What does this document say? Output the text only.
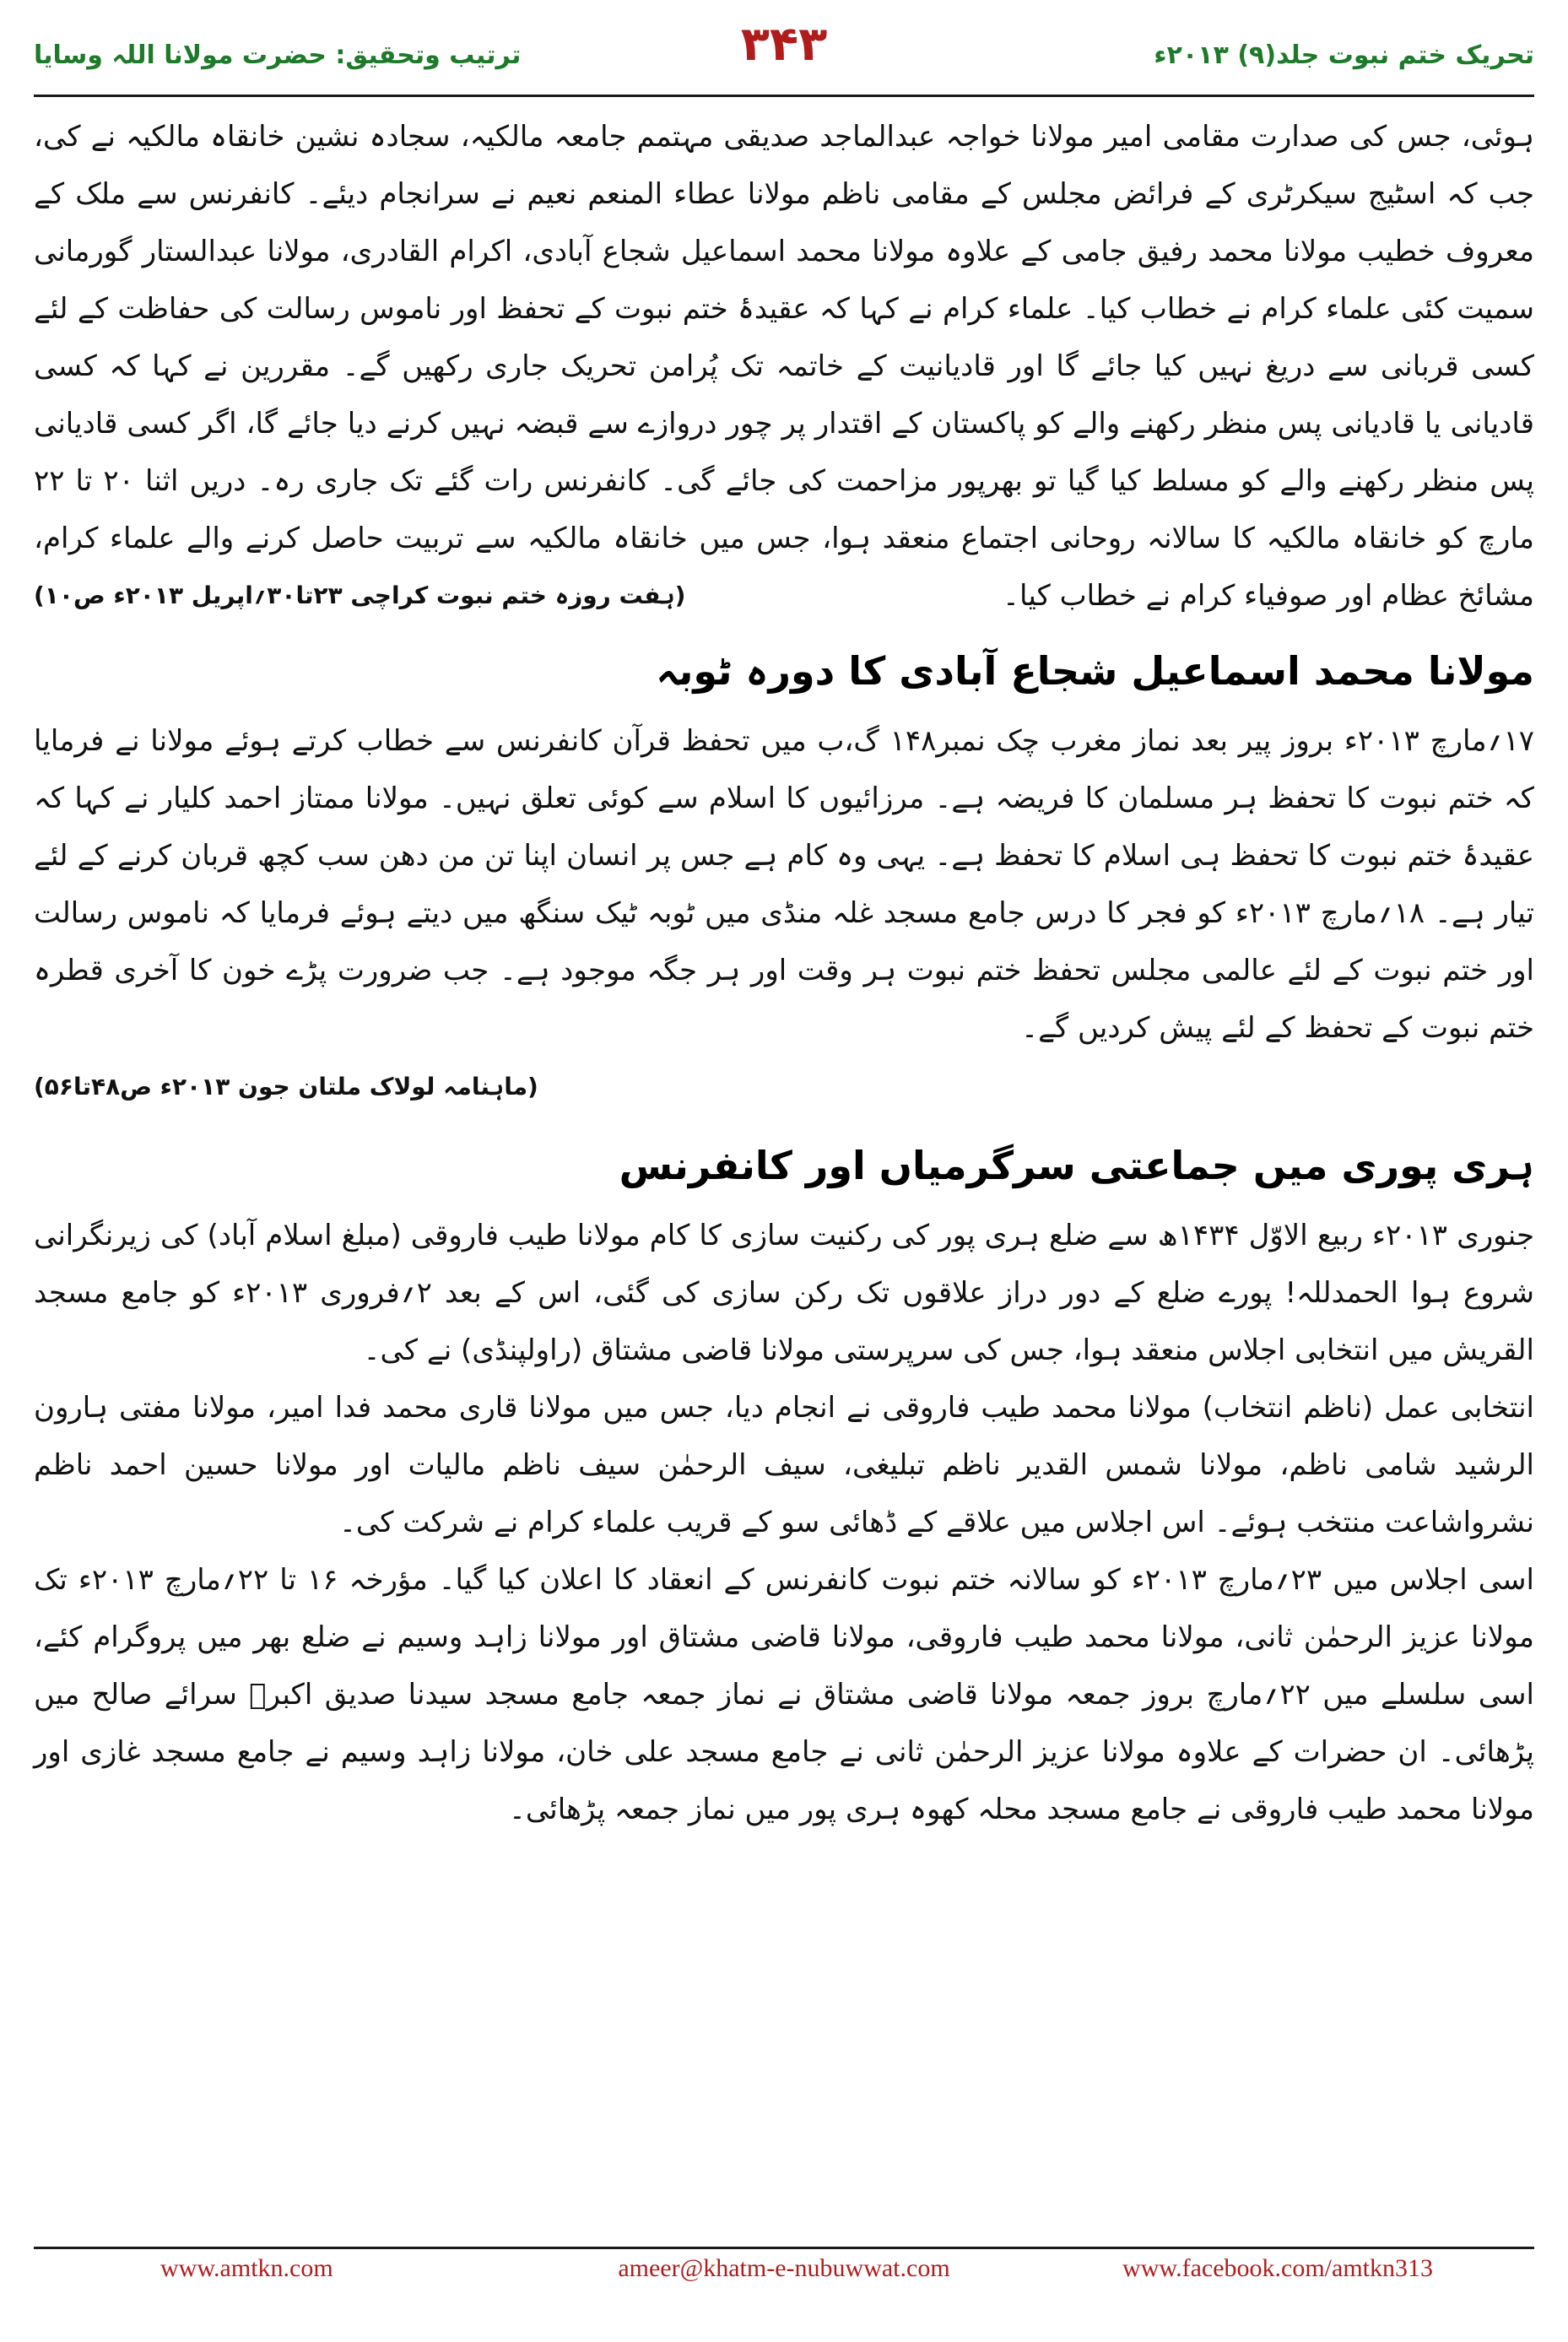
تحریک ختم نبوت جلد(۹) ۲۰۱۳ء
۳۴۳
ترتیب وتحقیق: حضرت مولانا اللہ وسایا

ہوئی، جس کی صدارت مقامی امیر مولانا خواجہ عبدالماجد صدیقی مہتمم جامعہ مالکیہ، سجادہ نشین خانقاہ مالکیہ نے کی، جب کہ اسٹیج سیکرٹری کے فرائض مجلس کے مقامی ناظم مولانا عطاء المنعم نعیم نے سرانجام دیئے۔ کانفرنس سے ملک کے معروف خطیب مولانا محمد رفیق جامی کے علاوہ مولانا محمد اسماعیل شجاع آبادی، اکرام القادری، مولانا عبدالستار گورمانی سمیت کئی علماء کرام نے خطاب کیا۔ علماء کرام نے کہا کہ عقیدۂ ختم نبوت کے تحفظ اور ناموس رسالت کی حفاظت کے لئے کسی قربانی سے دریغ نہیں کیا جائے گا اور قادیانیت کے خاتمہ تک پُرامن تحریک جاری رکھیں گے۔ مقررین نے کہا کہ کسی قادیانی یا قادیانی پس منظر رکھنے والے کو پاکستان کے اقتدار پر چور دروازے سے قبضہ نہیں کرنے دیا جائے گا، اگر کسی قادیانی پس منظر رکھنے والے کو مسلط کیا گیا تو بھرپور مزاحمت کی جائے گی۔ کانفرنس رات گئے تک جاری رہ۔ دریں اثنا ۲۰ تا ۲۲ مارچ کو خانقاہ مالکیہ کا سالانہ روحانی اجتماع منعقد ہوا، جس میں خانقاہ مالکیہ سے تربیت حاصل کرنے والے علماء کرام، مشائخ عظام اور صوفیاء کرام نے خطاب کیا۔
(ہفت روزہ ختم نبوت کراچی ۲۳تا۳۰؍اپریل ۲۰۱۳ء ص۱۰)

مولانا محمد اسماعیل شجاع آبادی کا دورہ ٹوبہ

۱۷؍مارچ ۲۰۱۳ء بروز پیر بعد نماز مغرب چک نمبر۱۴۸ گ،ب میں تحفظ قرآن کانفرنس سے خطاب کرتے ہوئے مولانا نے فرمایا کہ ختم نبوت کا تحفظ ہر مسلمان کا فریضہ ہے۔ مرزائیوں کا اسلام سے کوئی تعلق نہیں۔ مولانا ممتاز احمد کلیار نے کہا کہ عقیدۂ ختم نبوت کا تحفظ ہی اسلام کا تحفظ ہے۔ یہی وہ کام ہے جس پر انسان اپنا تن من دھن سب کچھ قربان کرنے کے لئے تیار ہے۔ ۱۸؍مارچ ۲۰۱۳ء کو فجر کا درس جامع مسجد غلہ منڈی میں ٹوبہ ٹیک سنگھ میں دیتے ہوئے فرمایا کہ ناموس رسالت اور ختم نبوت کے لئے عالمی مجلس تحفظ ختم نبوت ہر وقت اور ہر جگہ موجود ہے۔ جب ضرورت پڑے خون کا آخری قطرہ ختم نبوت کے تحفظ کے لئے پیش کردیں گے۔

(ماہنامہ لولاک ملتان جون ۲۰۱۳ء ص۴۸تا۵۶)
ہری پوری میں جماعتی سرگرمیاں اور کانفرنس

جنوری ۲۰۱۳ء ربیع الاوّل ۱۴۳۴ھ سے ضلع ہری پور کی رکنیت سازی کا کام مولانا طیب فاروقی (مبلغ اسلام آباد) کی زیرنگرانی شروع ہوا الحمدللہ! پورے ضلع کے دور دراز علاقوں تک رکن سازی کی گئی، اس کے بعد ۲؍فروری ۲۰۱۳ء کو جامع مسجد القریش میں انتخابی اجلاس منعقد ہوا، جس کی سرپرستی مولانا قاضی مشتاق (راولپنڈی) نے کی۔

انتخابی عمل (ناظم انتخاب) مولانا محمد طیب فاروقی نے انجام دیا، جس میں مولانا قاری محمد فدا امیر، مولانا مفتی ہارون الرشید شامی ناظم، مولانا شمس القدیر ناظم تبلیغی، سیف الرحمٰن سیف ناظم مالیات اور مولانا حسین احمد ناظم نشرواشاعت منتخب ہوئے۔ اس اجلاس میں علاقے کے ڈھائی سو کے قریب علماء کرام نے شرکت کی۔

اسی اجلاس میں ۲۳؍مارچ ۲۰۱۳ء کو سالانہ ختم نبوت کانفرنس کے انعقاد کا اعلان کیا گیا۔ مؤرخہ ۱۶ تا ۲۲؍مارچ ۲۰۱۳ء تک مولانا عزیز الرحمٰن ثانی، مولانا محمد طیب فاروقی، مولانا قاضی مشتاق اور مولانا زاہد وسیم نے ضلع بھر میں پروگرام کئے، اسی سلسلے میں ۲۲؍مارچ بروز جمعہ مولانا قاضی مشتاق نے نماز جمعہ جامع مسجد سیدنا صدیق اکبرؓ سرائے صالح میں پڑھائی۔ ان حضرات کے علاوہ مولانا عزیز الرحمٰن ثانی نے جامع مسجد علی خان، مولانا زاہد وسیم نے جامع مسجد غازی اور مولانا محمد طیب فاروقی نے جامع مسجد محلہ کھوہ ہری پور میں نماز جمعہ پڑھائی۔

www.amtkn.com	ameer@khatm-e-nubuwwat.com	www.facebook.com/amtkn313
